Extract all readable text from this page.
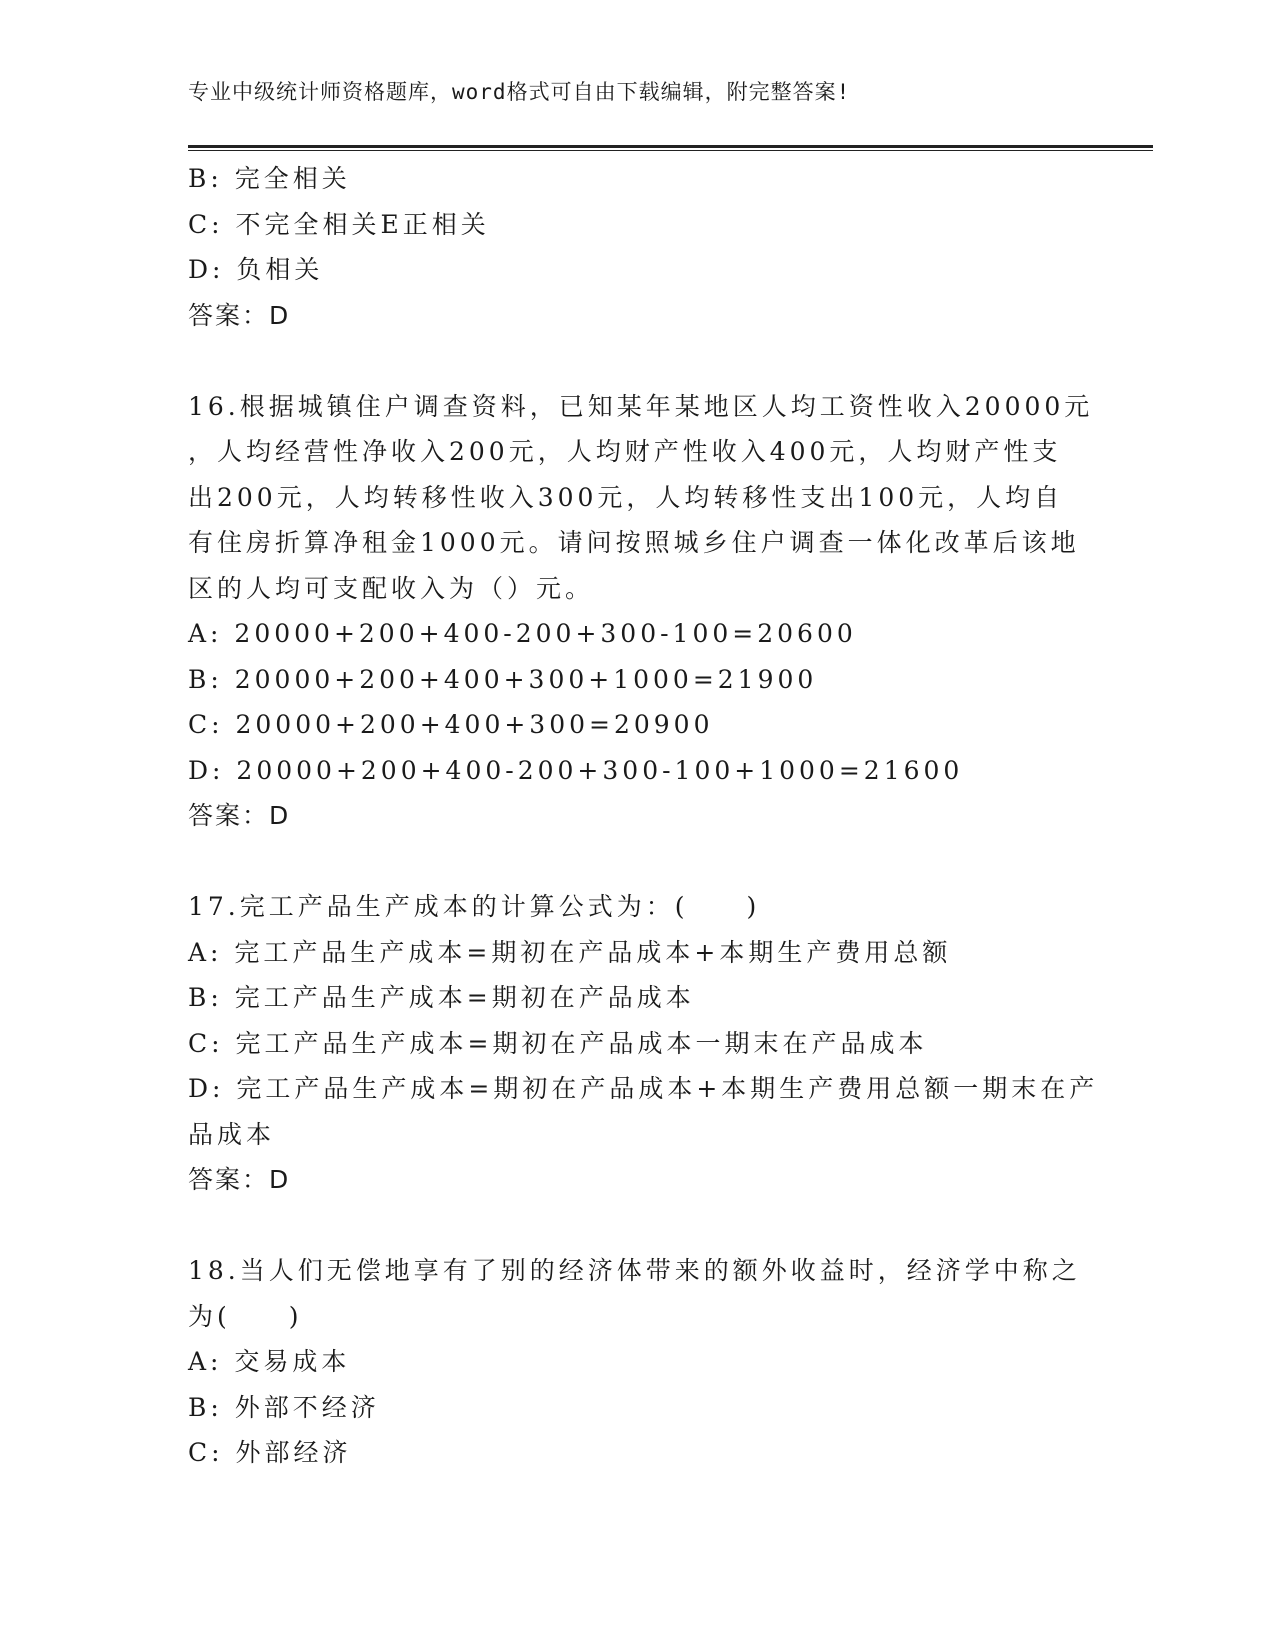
专业中级统计师资格题库，word格式可自由下载编辑，附完整答案!
B: 完全相关
C: 不完全相关E正相关
D: 负相关
答案：D
16.根据城镇住户调查资料，已知某年某地区人均工资性收入20000元
，人均经营性净收入200元，人均财产性收入400元，人均财产性支
出200元，人均转移性收入300元，人均转移性支出100元，人均自
有住房折算净租金1000元。请问按照城乡住户调查一体化改革后该地
区的人均可支配收入为（）元。
A: 20000+200+400-200+300-100=20600
B: 20000+200+400+300+1000=21900
C: 20000+200+400+300=20900
D: 20000+200+400-200+300-100+1000=21600
答案：D
17.完工产品生产成本的计算公式为：(　　)
A: 完工产品生产成本=期初在产品成本+本期生产费用总额
B: 完工产品生产成本=期初在产品成本
C: 完工产品生产成本=期初在产品成本一期末在产品成本
D: 完工产品生产成本=期初在产品成本+本期生产费用总额一期末在产
品成本
答案：D
18.当人们无偿地享有了别的经济体带来的额外收益时，经济学中称之
为(　　)
A: 交易成本
B: 外部不经济
C: 外部经济
